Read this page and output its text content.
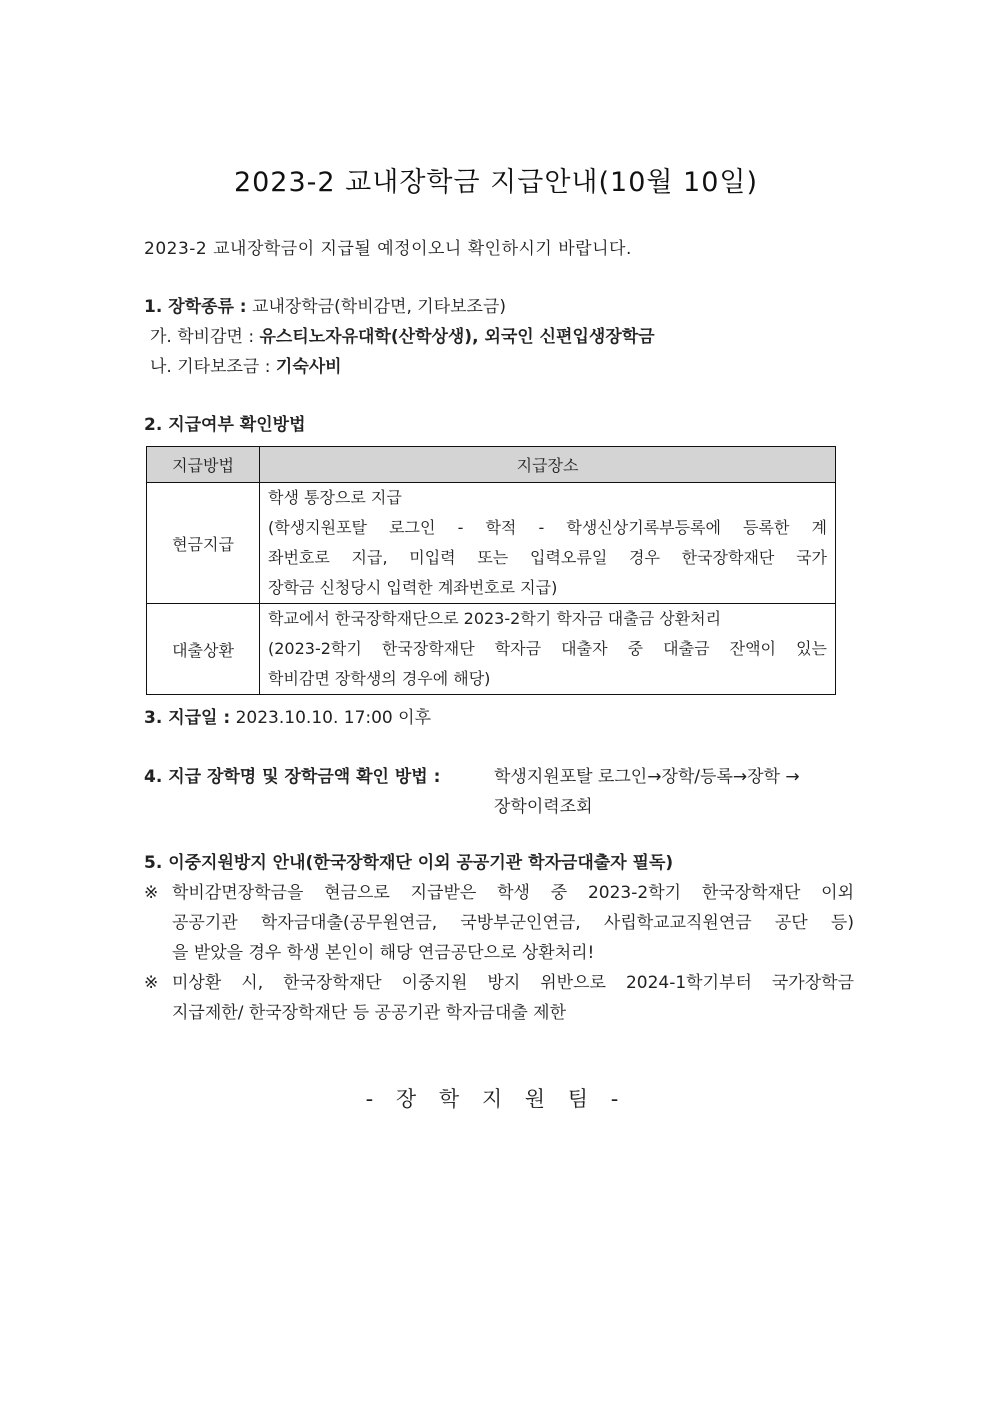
2023-2 교내장학금 지급안내(10월 10일)
2023-2 교내장학금이 지급될 예정이오니 확인하시기 바랍니다.
1. 장학종류 : 교내장학금(학비감면, 기타보조금)
가. 학비감면 : 유스티노자유대학(산학상생), 외국인 신편입생장학금
나. 기타보조금 : 기숙사비
2. 지급여부 확인방법
지급방법	지급장소
현금지급	학생 통장으로 지급
(학생지원포탈 로그인 - 학적 - 학생신상기록부등록에 등록한 계
좌번호로 지급, 미입력 또는 입력오류일 경우 한국장학재단 국가
장학금 신청당시 입력한 계좌번호로 지급)

대출상환	학교에서 한국장학재단으로 2023-2학기 학자금 대출금 상환처리
(2023-2학기 한국장학재단 학자금 대출자 중 대출금 잔액이 있는
학비감면 장학생의 경우에 해당)
3. 지급일 : 2023.10.10. 17:00 이후
4. 지급 장학명 및 장학금액 확인 방법 :	학생지원포탈 로그인→장학/등록→장학 →
장학이력조회
5. 이중지원방지 안내(한국장학재단 이외 공공기관 학자금대출자 필독)
※ 학비감면장학금을 현금으로 지급받은 학생 중 2023-2학기 한국장학재단 이외
공공기관 학자금대출(공무원연금, 국방부군인연금, 사립학교교직원연금 공단 등)
을 받았을 경우 학생 본인이 해당 연금공단으로 상환처리!
※ 미상환 시, 한국장학재단 이중지원 방지 위반으로 2024-1학기부터 국가장학금
지급제한/ 한국장학재단 등 공공기관 학자금대출 제한
- 장 학 지 원 팀 -
